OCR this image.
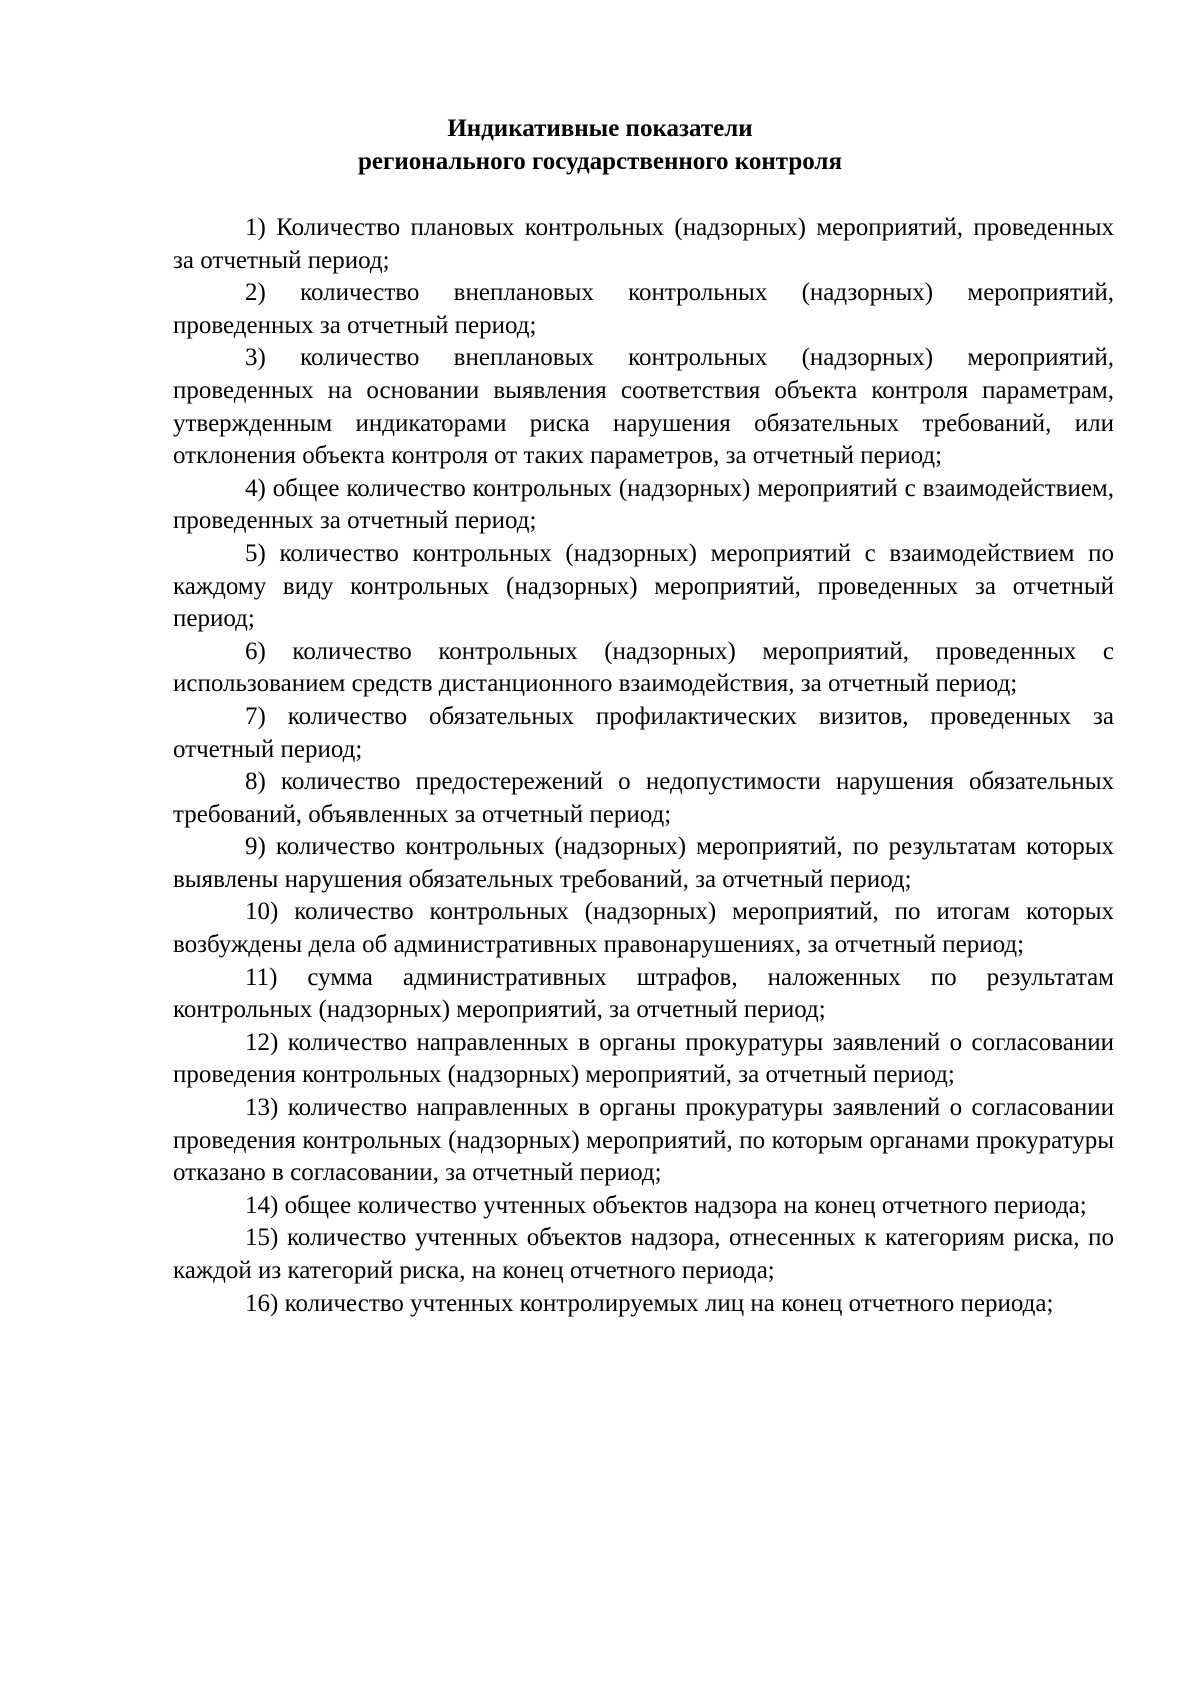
Индикативные показатели
регионального государственного контроля

1) Количество плановых контрольных (надзорных) мероприятий, проведенных за отчетный период;

2) количество внеплановых контрольных (надзорных) мероприятий, проведенных за отчетный период;

3) количество внеплановых контрольных (надзорных) мероприятий, проведенных на основании выявления соответствия объекта контроля параметрам, утвержденным индикаторами риска нарушения обязательных требований, или отклонения объекта контроля от таких параметров, за отчетный период;

4) общее количество контрольных (надзорных) мероприятий с взаимодействием, проведенных за отчетный период;

5) количество контрольных (надзорных) мероприятий с взаимодействием по каждому виду контрольных (надзорных) мероприятий, проведенных за отчетный период;

6) количество контрольных (надзорных) мероприятий, проведенных с использованием средств дистанционного взаимодействия, за отчетный период;

7) количество обязательных профилактических визитов, проведенных за отчетный период;

8) количество предостережений о недопустимости нарушения обязательных требований, объявленных за отчетный период;

9) количество контрольных (надзорных) мероприятий, по результатам которых выявлены нарушения обязательных требований, за отчетный период;

10) количество контрольных (надзорных) мероприятий, по итогам которых возбуждены дела об административных правонарушениях, за отчетный период;

11) сумма административных штрафов, наложенных по результатам контрольных (надзорных) мероприятий, за отчетный период;

12) количество направленных в органы прокуратуры заявлений о согласовании проведения контрольных (надзорных) мероприятий, за отчетный период;

13) количество направленных в органы прокуратуры заявлений о согласовании проведения контрольных (надзорных) мероприятий, по которым органами прокуратуры отказано в согласовании, за отчетный период;

14) общее количество учтенных объектов надзора на конец отчетного периода;

15) количество учтенных объектов надзора, отнесенных к категориям риска, по каждой из категорий риска, на конец отчетного периода;

16) количество учтенных контролируемых лиц на конец отчетного периода;
